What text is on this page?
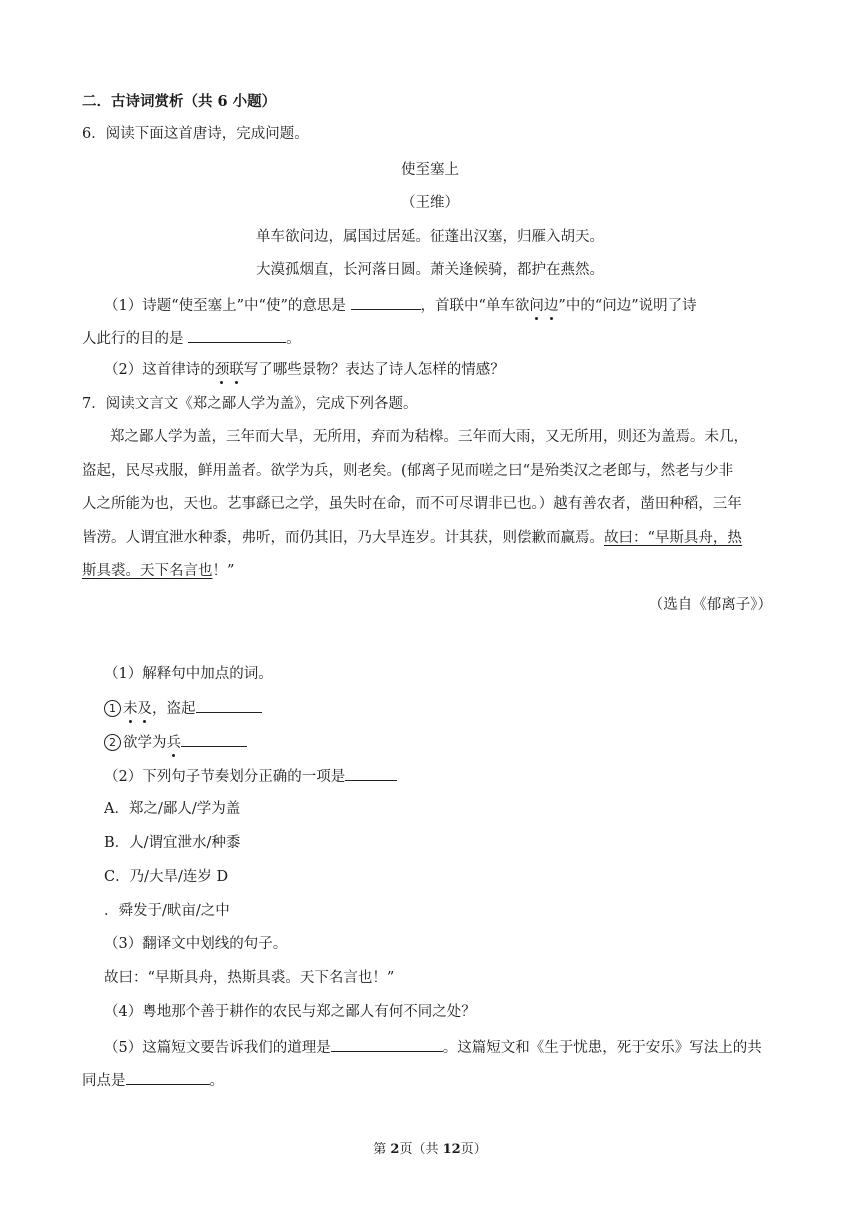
二．古诗词赏析（共 6 小题）
6．阅读下面这首唐诗，完成问题。
使至塞上
（王维）
单车欲问边，属国过居延。征蓬出汉塞，归雁入胡天。
大漠孤烟直，长河落日圆。萧关逢候骑，都护在燕然。
（1）诗题“使至塞上”中“使”的意思是	，首联中“单车欲问边”中的“问边”说明了诗
人此行的目的是	。
（2）这首律诗的颈联写了哪些景物？表达了诗人怎样的情感？
7．阅读文言文《郑之鄙人学为盖》，完成下列各题。
郑之鄙人学为盖，三年而大旱，无所用，弃而为秸槔。三年而大雨，又无所用，则还为盖焉。未几，
盗起，民尽戎服，鲜用盖者。欲学为兵，则老矣。(郁离子见而嗟之曰“是殆类汉之老郎与，然老与少非
人之所能为也，天也。艺事繇已之学，虽失时在命，而不可尽谓非已也。）越有善农者，凿田种稻，三年
皆涝。人谓宜泄水种黍，弗听，而仍其旧，乃大旱连岁。计其获，则偿歉而赢焉。故曰：“早斯具舟，热
斯具裘。天下名言也！”
（选自《郁离子》）
（1）解释句中加点的词。
1 未及，盗起
2 欲学为兵
（2）下列句子节奏划分正确的一项是
A．郑之/鄙人/学为盖
B．人/谓宜泄水/种黍
C．乃/大旱/连岁 D
．舜发于/畎亩/之中
（3）翻译文中划线的句子。
故曰：“早斯具舟，热斯具裘。天下名言也！”
（4）粤地那个善于耕作的农民与郑之鄙人有何不同之处？
（5）这篇短文要告诉我们的道理是	。这篇短文和《生于忧患，死于安乐》写法上的共
同点是	。
第 2页（共 12页）
